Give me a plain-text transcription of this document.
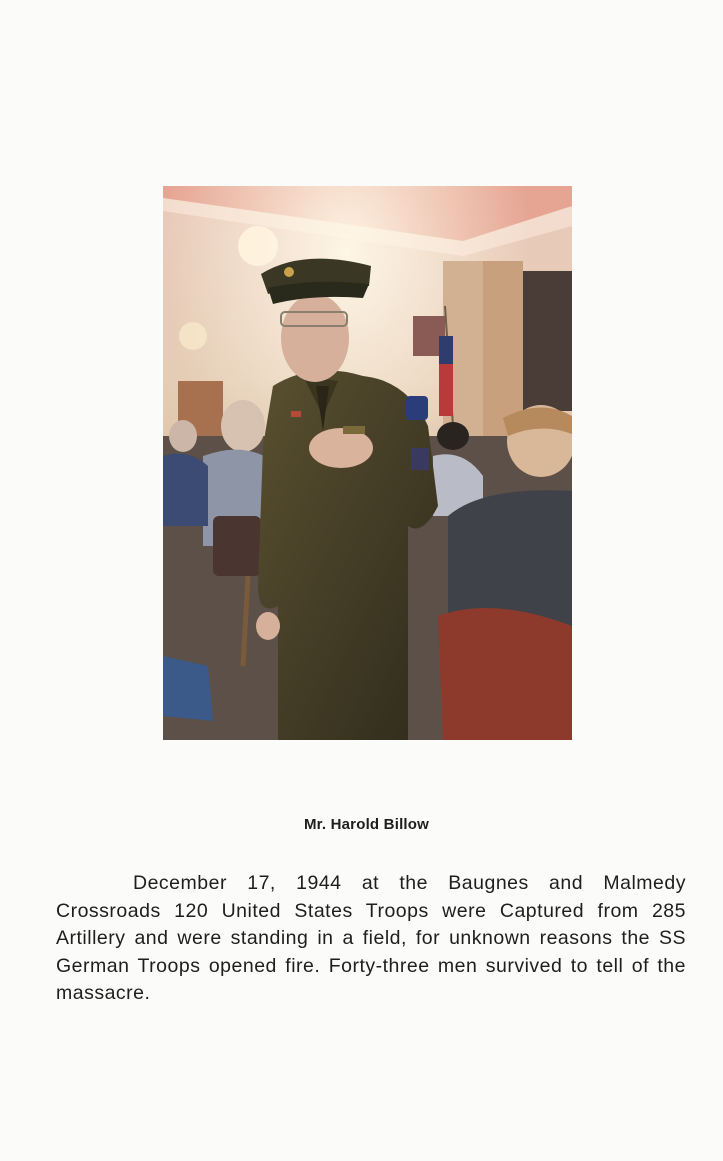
Mr. Harold Billow

December 17, 1944 at the Baugnes and Malmedy Crossroads 120 United States Troops were Captured from 285 Artillery and were standing in a field, for unknown reasons the SS German Troops opened fire. Forty-three men survived to tell of the massacre.
